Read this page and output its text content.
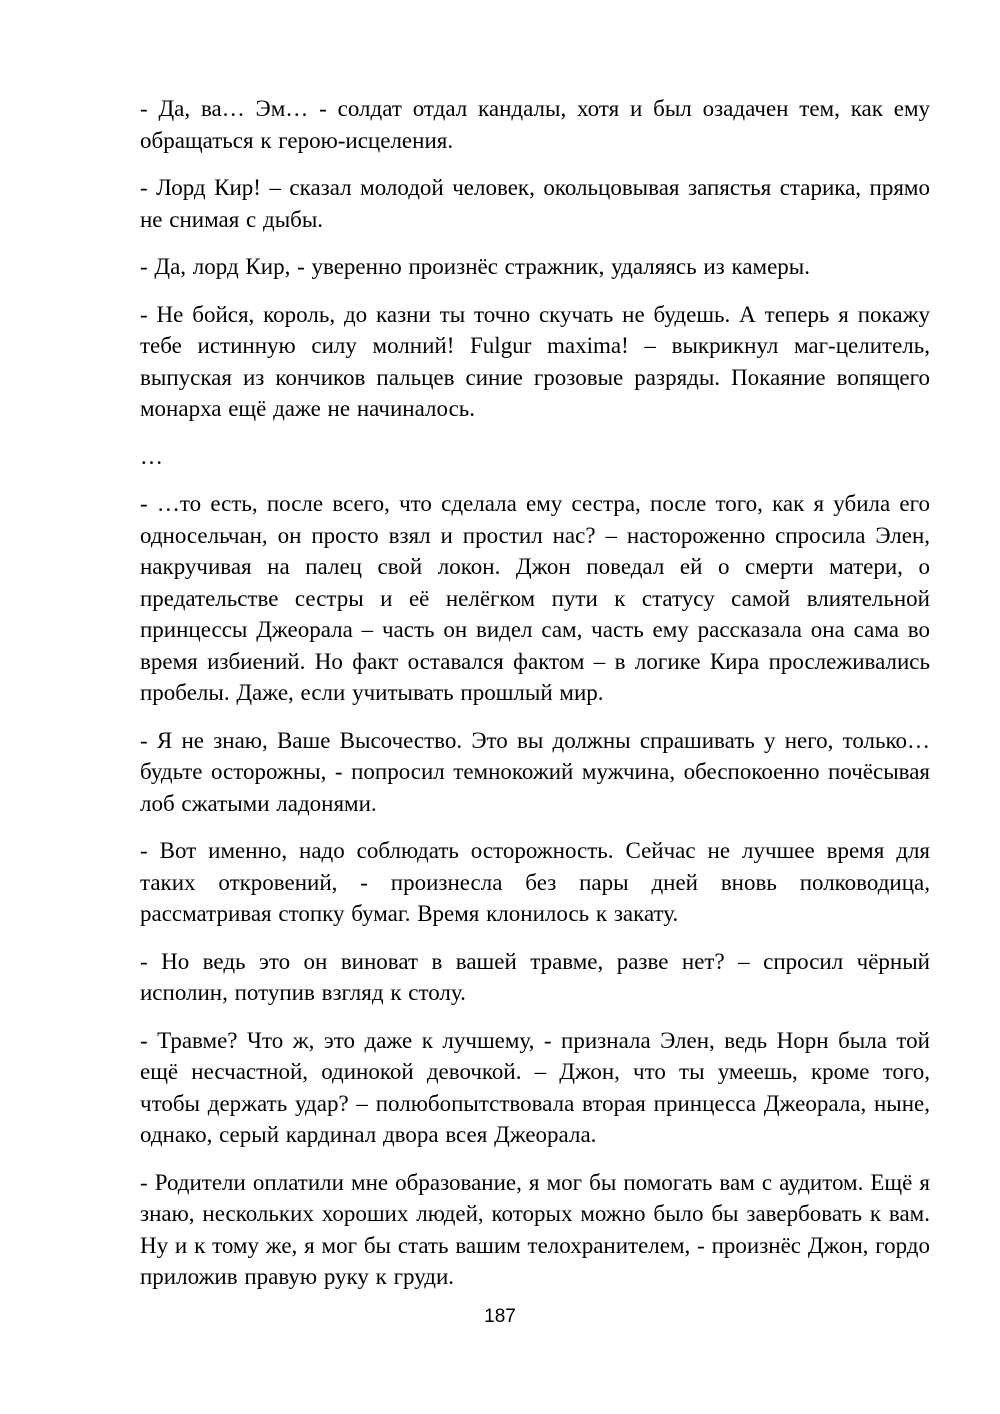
- Да, ва… Эм… - солдат отдал кандалы, хотя и был озадачен тем, как ему обращаться к герою-исцеления.

- Лорд Кир! – сказал молодой человек, окольцовывая запястья старика, прямо не снимая с дыбы.

- Да, лорд Кир, - уверенно произнёс стражник, удаляясь из камеры.

- Не бойся, король, до казни ты точно скучать не будешь. А теперь я покажу тебе истинную силу молний! Fulgur maxima! – выкрикнул маг-целитель, выпуская из кончиков пальцев синие грозовые разряды. Покаяние вопящего монарха ещё даже не начиналось.

…

- …то есть, после всего, что сделала ему сестра, после того, как я убила его односельчан, он просто взял и простил нас? – настороженно спросила Элен, накручивая на палец свой локон. Джон поведал ей о смерти матери, о предательстве сестры и её нелёгком пути к статусу самой влиятельной принцессы Джеорала – часть он видел сам, часть ему рассказала она сама во время избиений. Но факт оставался фактом – в логике Кира прослеживались пробелы. Даже, если учитывать прошлый мир.

- Я не знаю, Ваше Высочество. Это вы должны спрашивать у него, только… будьте осторожны, - попросил темнокожий мужчина, обеспокоенно почёсывая лоб сжатыми ладонями.

- Вот именно, надо соблюдать осторожность. Сейчас не лучшее время для таких откровений, - произнесла без пары дней вновь полководица, рассматривая стопку бумаг. Время клонилось к закату.

- Но ведь это он виноват в вашей травме, разве нет? – спросил чёрный исполин, потупив взгляд к столу.

- Травме? Что ж, это даже к лучшему, - признала Элен, ведь Норн была той ещё несчастной, одинокой девочкой. – Джон, что ты умеешь, кроме того, чтобы держать удар? – полюбопытствовала вторая принцесса Джеорала, ныне, однако, серый кардинал двора всея Джеорала.

- Родители оплатили мне образование, я мог бы помогать вам с аудитом. Ещё я знаю, нескольких хороших людей, которых можно было бы завербовать к вам. Ну и к тому же, я мог бы стать вашим телохранителем, - произнёс Джон, гордо приложив правую руку к груди.

187
